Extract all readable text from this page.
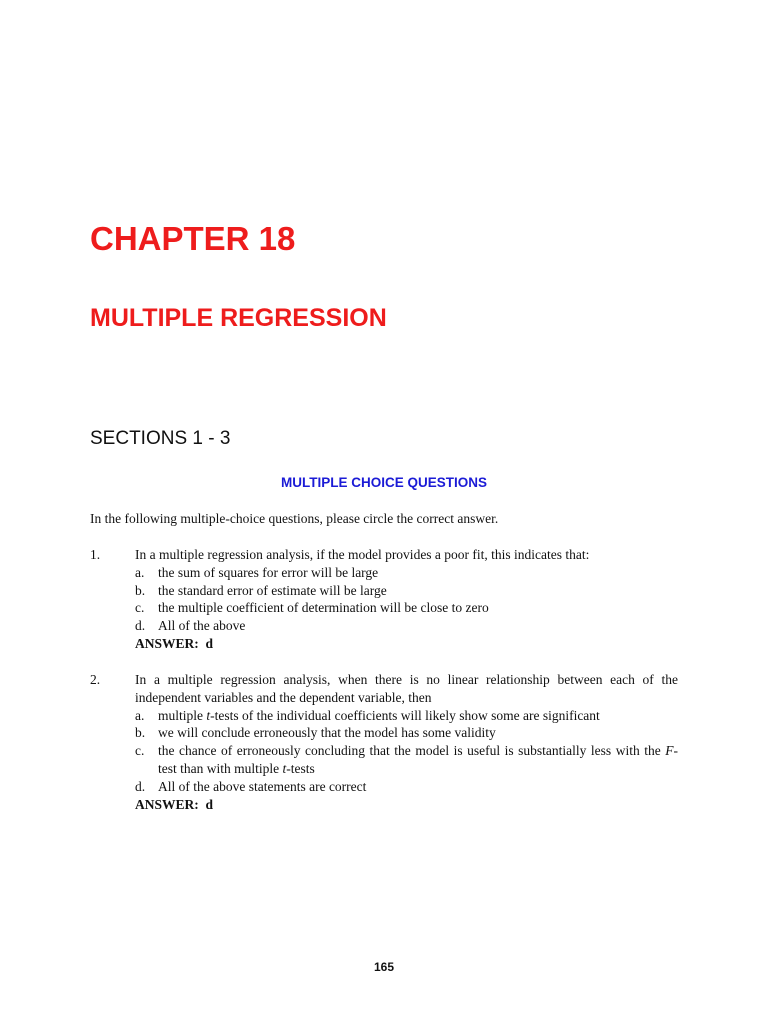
CHAPTER 18
MULTIPLE REGRESSION
SECTIONS 1 - 3
MULTIPLE CHOICE QUESTIONS

In the following multiple-choice questions, please circle the correct answer.

1.	In a multiple regression analysis, if the model provides a poor fit, this indicates that:
a. the sum of squares for error will be large
b. the standard error of estimate will be large
c. the multiple coefficient of determination will be close to zero
d. All of the above
ANSWER: d
2.	In a multiple regression analysis, when there is no linear relationship between each of the independent variables and the dependent variable, then
a. multiple t-tests of the individual coefficients will likely show some are significant
b. we will conclude erroneously that the model has some validity
c. the chance of erroneously concluding that the model is useful is substantially less with the F-test than with multiple t-tests
d. All of the above statements are correct
ANSWER: d
165
